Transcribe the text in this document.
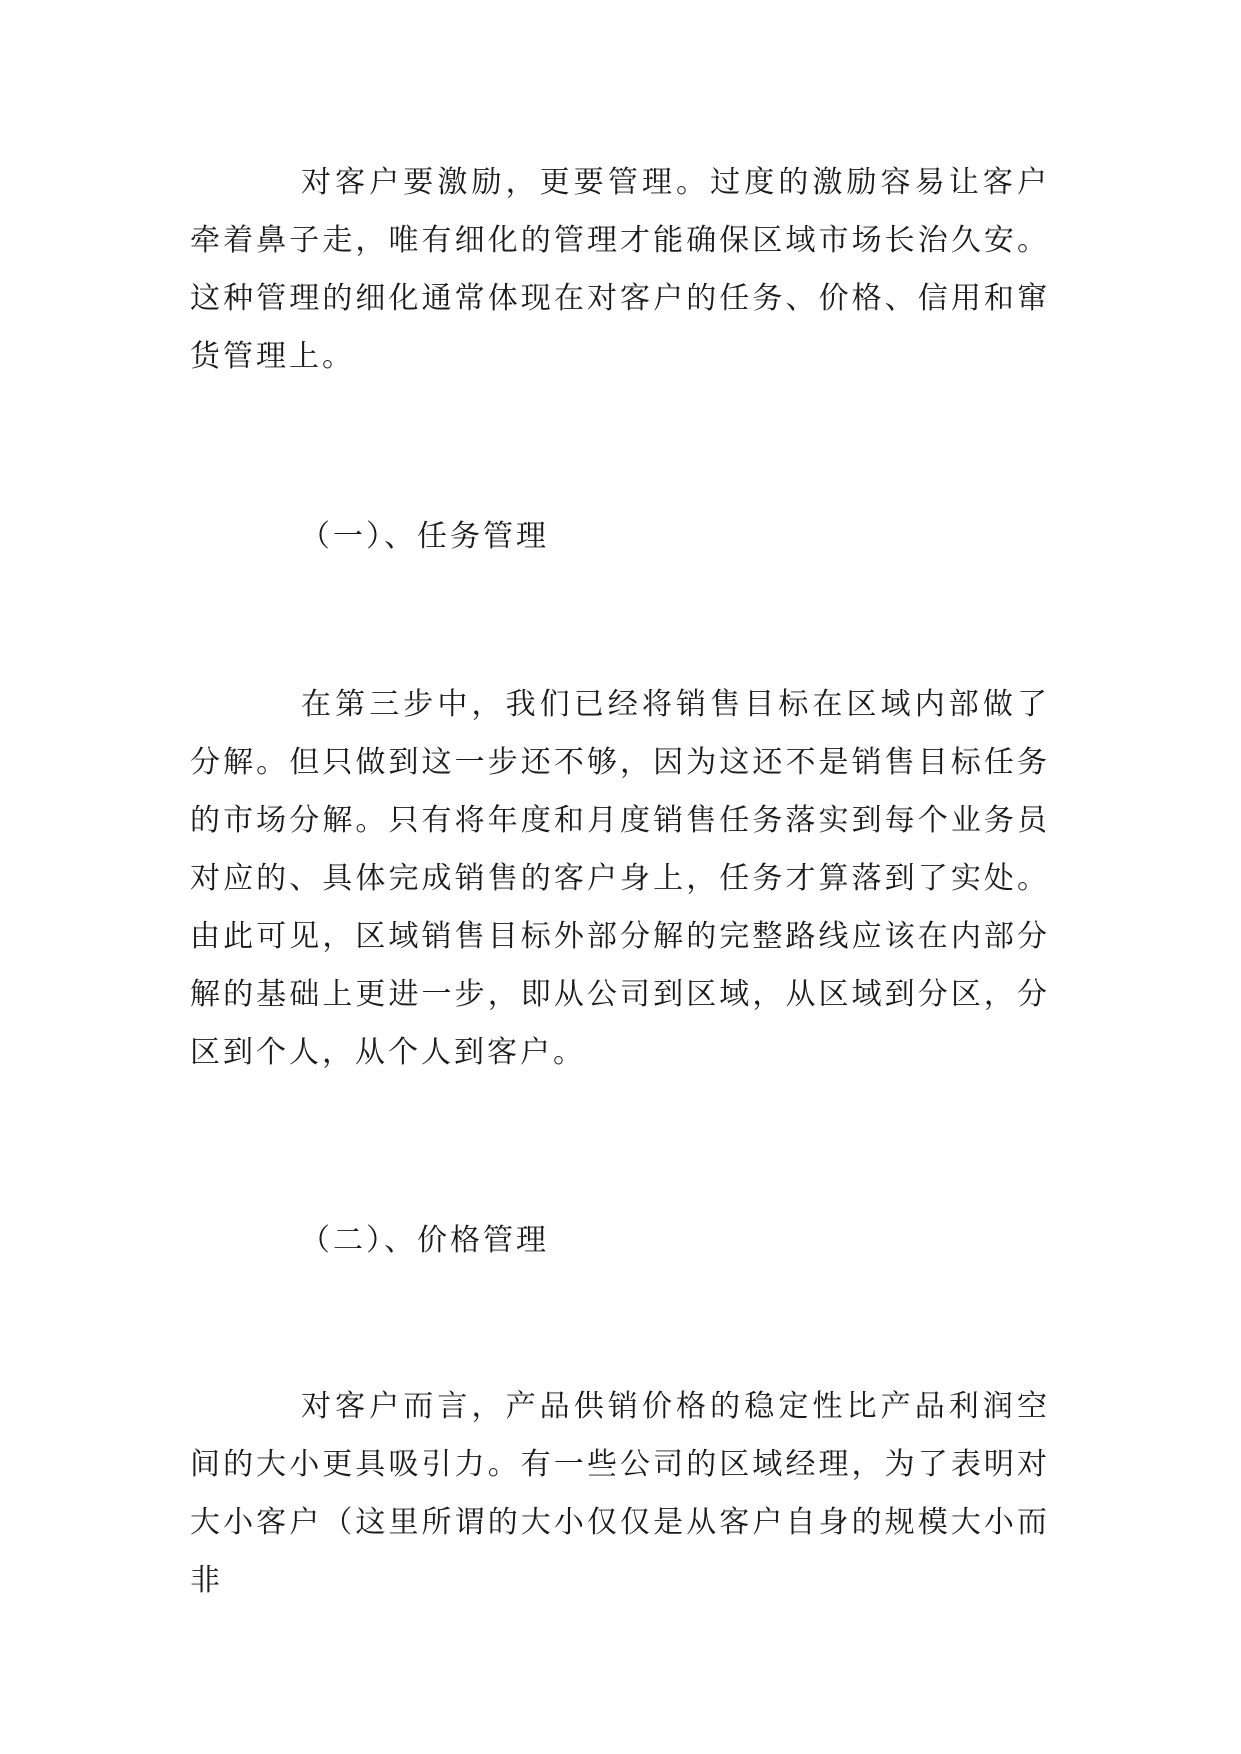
对客户要激励，更要管理。过度的激励容易让客户牵着鼻子走，唯有细化的管理才能确保区域市场长治久安。这种管理的细化通常体现在对客户的任务、价格、信用和窜货管理上。

（一）、任务管理

在第三步中，我们已经将销售目标在区域内部做了分解。但只做到这一步还不够，因为这还不是销售目标任务的市场分解。只有将年度和月度销售任务落实到每个业务员对应的、具体完成销售的客户身上，任务才算落到了实处。由此可见，区域销售目标外部分解的完整路线应该在内部分解的基础上更进一步，即从公司到区域，从区域到分区，分区到个人，从个人到客户。

（二）、价格管理

对客户而言，产品供销价格的稳定性比产品利润空间的大小更具吸引力。有一些公司的区域经理，为了表明对大小客户（这里所谓的大小仅仅是从客户自身的规模大小而非
